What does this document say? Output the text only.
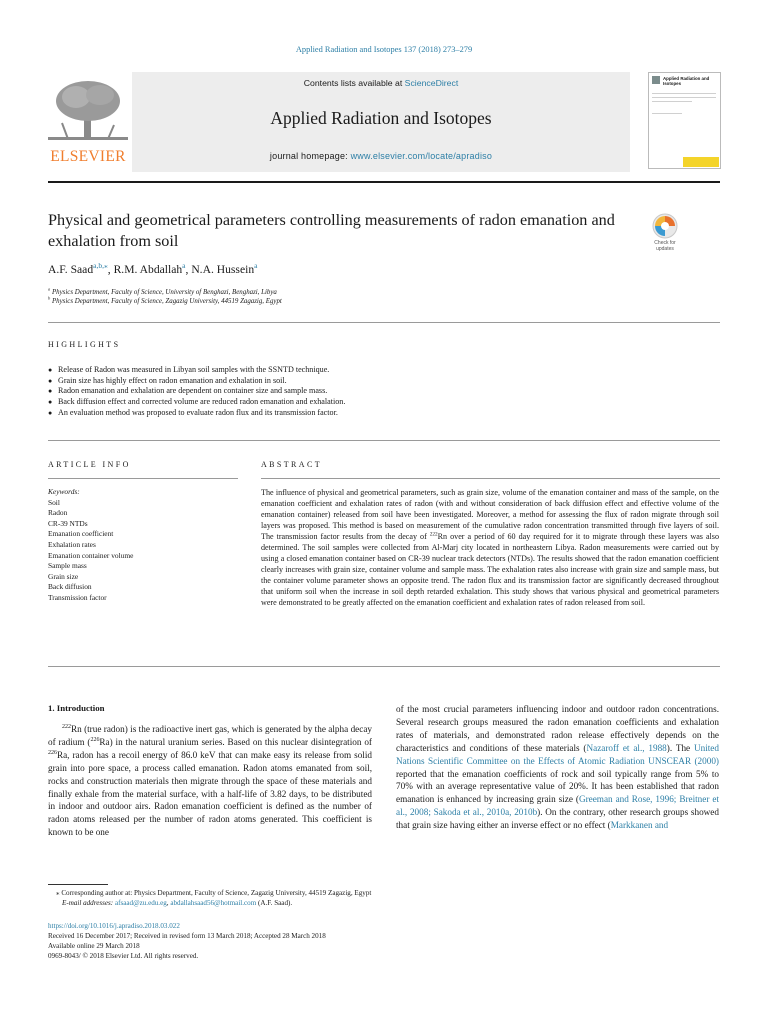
Applied Radiation and Isotopes 137 (2018) 273–279
ELSEVIER
Contents lists available at ScienceDirect
Applied Radiation and Isotopes
journal homepage: www.elsevier.com/locate/apradiso
Applied Radiation and Isotopes
Physical and geometrical parameters controlling measurements of radon emanation and exhalation from soil	Check for updates
A.F. Saad$^{a,b,⁎}$, R.M. Abdallah$^a$, N.A. Hussein$^a$
$^a$ Physics Department, Faculty of Science, University of Benghazi, Benghazi, Libya
$^b$ Physics Department, Faculty of Science, Zagazig University, 44519 Zagazig, Egypt
HIGHLIGHTS
● Release of Radon was measured in Libyan soil samples with the SSNTD technique.
● Grain size has highly effect on radon emanation and exhalation in soil.
● Radon emanation and exhalation are dependent on container size and sample mass.
● Back diffusion effect and corrected volume are reduced radon emanation and exhalation.
● An evaluation method was proposed to evaluate radon flux and its transmission factor.
ARTICLE INFO	ABSTRACT
Keywords:
Soil
Radon
CR-39 NTDs
Emanation coefficient
Exhalation rates
Emanation container volume
Sample mass
Grain size
Back diffusion
Transmission factor
The influence of physical and geometrical parameters, such as grain size, volume of the emanation container and mass of the sample, on the emanation coefficient and exhalation rates of radon (with and without consideration of back diffusion effect and effective volume of the emanation container) released from soil have been investigated. Moreover, a method for assessing the flux of radon migrate through soil layers was proposed. This method is based on measurement of the cumulative radon concentration transmitted through five layers of soil. The transmission factor results from the decay of $^{222}$Rn over a period of 60 day required for it to migrate through these layers was also determined. The soil samples were collected from Al-Marj city located in northeastern Libya. Radon measurements were carried out by using a closed emanation container based on CR-39 nuclear track detectors (NTDs). The results showed that the radon emanation coefficient clearly increases with grain size, container volume and sample mass. The exhalation rates also increase with grain size and sample mass, but the container volume parameter shows an opposite trend. The radon flux and its transmission factor are significantly decreased throughout that uniform soil when the increase in soil depth retarded exhalation. This study shows that various physical and geometrical parameters were demonstrated to be greatly affected on the emanation coefficient and exhalation rates of radon released from soil.
1. Introduction
$^{222}$Rn (true radon) is the radioactive inert gas, which is generated by the alpha decay of radium ($^{226}$Ra) in the natural uranium series. Based on this nuclear disintegration of $^{226}$Ra, radon has a recoil energy of 86.0 keV that can make easy its release from solid grain into pore space, a process called emanation. Radon atoms emanated from soil, rocks and construction materials then migrate through the space of these materials and finally exhale from the material surface, with a half-life of 3.82 days, to be distributed in indoor and outdoor airs. Radon emanation coefficient is defined as the number of radon atoms released per the number of radon atoms generated. This coefficient is known to be one
of the most crucial parameters influencing indoor and outdoor radon concentrations. Several research groups measured the radon emanation coefficients and exhalation rates of materials, and demonstrated radon release effectively depends on the characteristics and conditions of these materials (Nazaroff et al., 1988). The United Nations Scientific Committee on the Effects of Atomic Radiation UNSCEAR (2000) reported that the emanation coefficients of rock and soil typically range from 5% to 70% with an average representative value of 20%. It has been established that radon emanation is enhanced by increasing grain size (Greeman and Rose, 1996; Breitner et al., 2008; Sakoda et al., 2010a, 2010b). On the contrary, other research groups showed that grain size having either an inverse effect or no effect (Markkanen and
⁎ Corresponding author at: Physics Department, Faculty of Science, Zagazig University, 44519 Zagazig, Egypt
E-mail addresses: afsaad@zu.edu.eg, abdallahsaad56@hotmail.com (A.F. Saad).
https://doi.org/10.1016/j.apradiso.2018.03.022
Received 16 December 2017; Received in revised form 13 March 2018; Accepted 28 March 2018
Available online 29 March 2018
0969-8043/ © 2018 Elsevier Ltd. All rights reserved.
